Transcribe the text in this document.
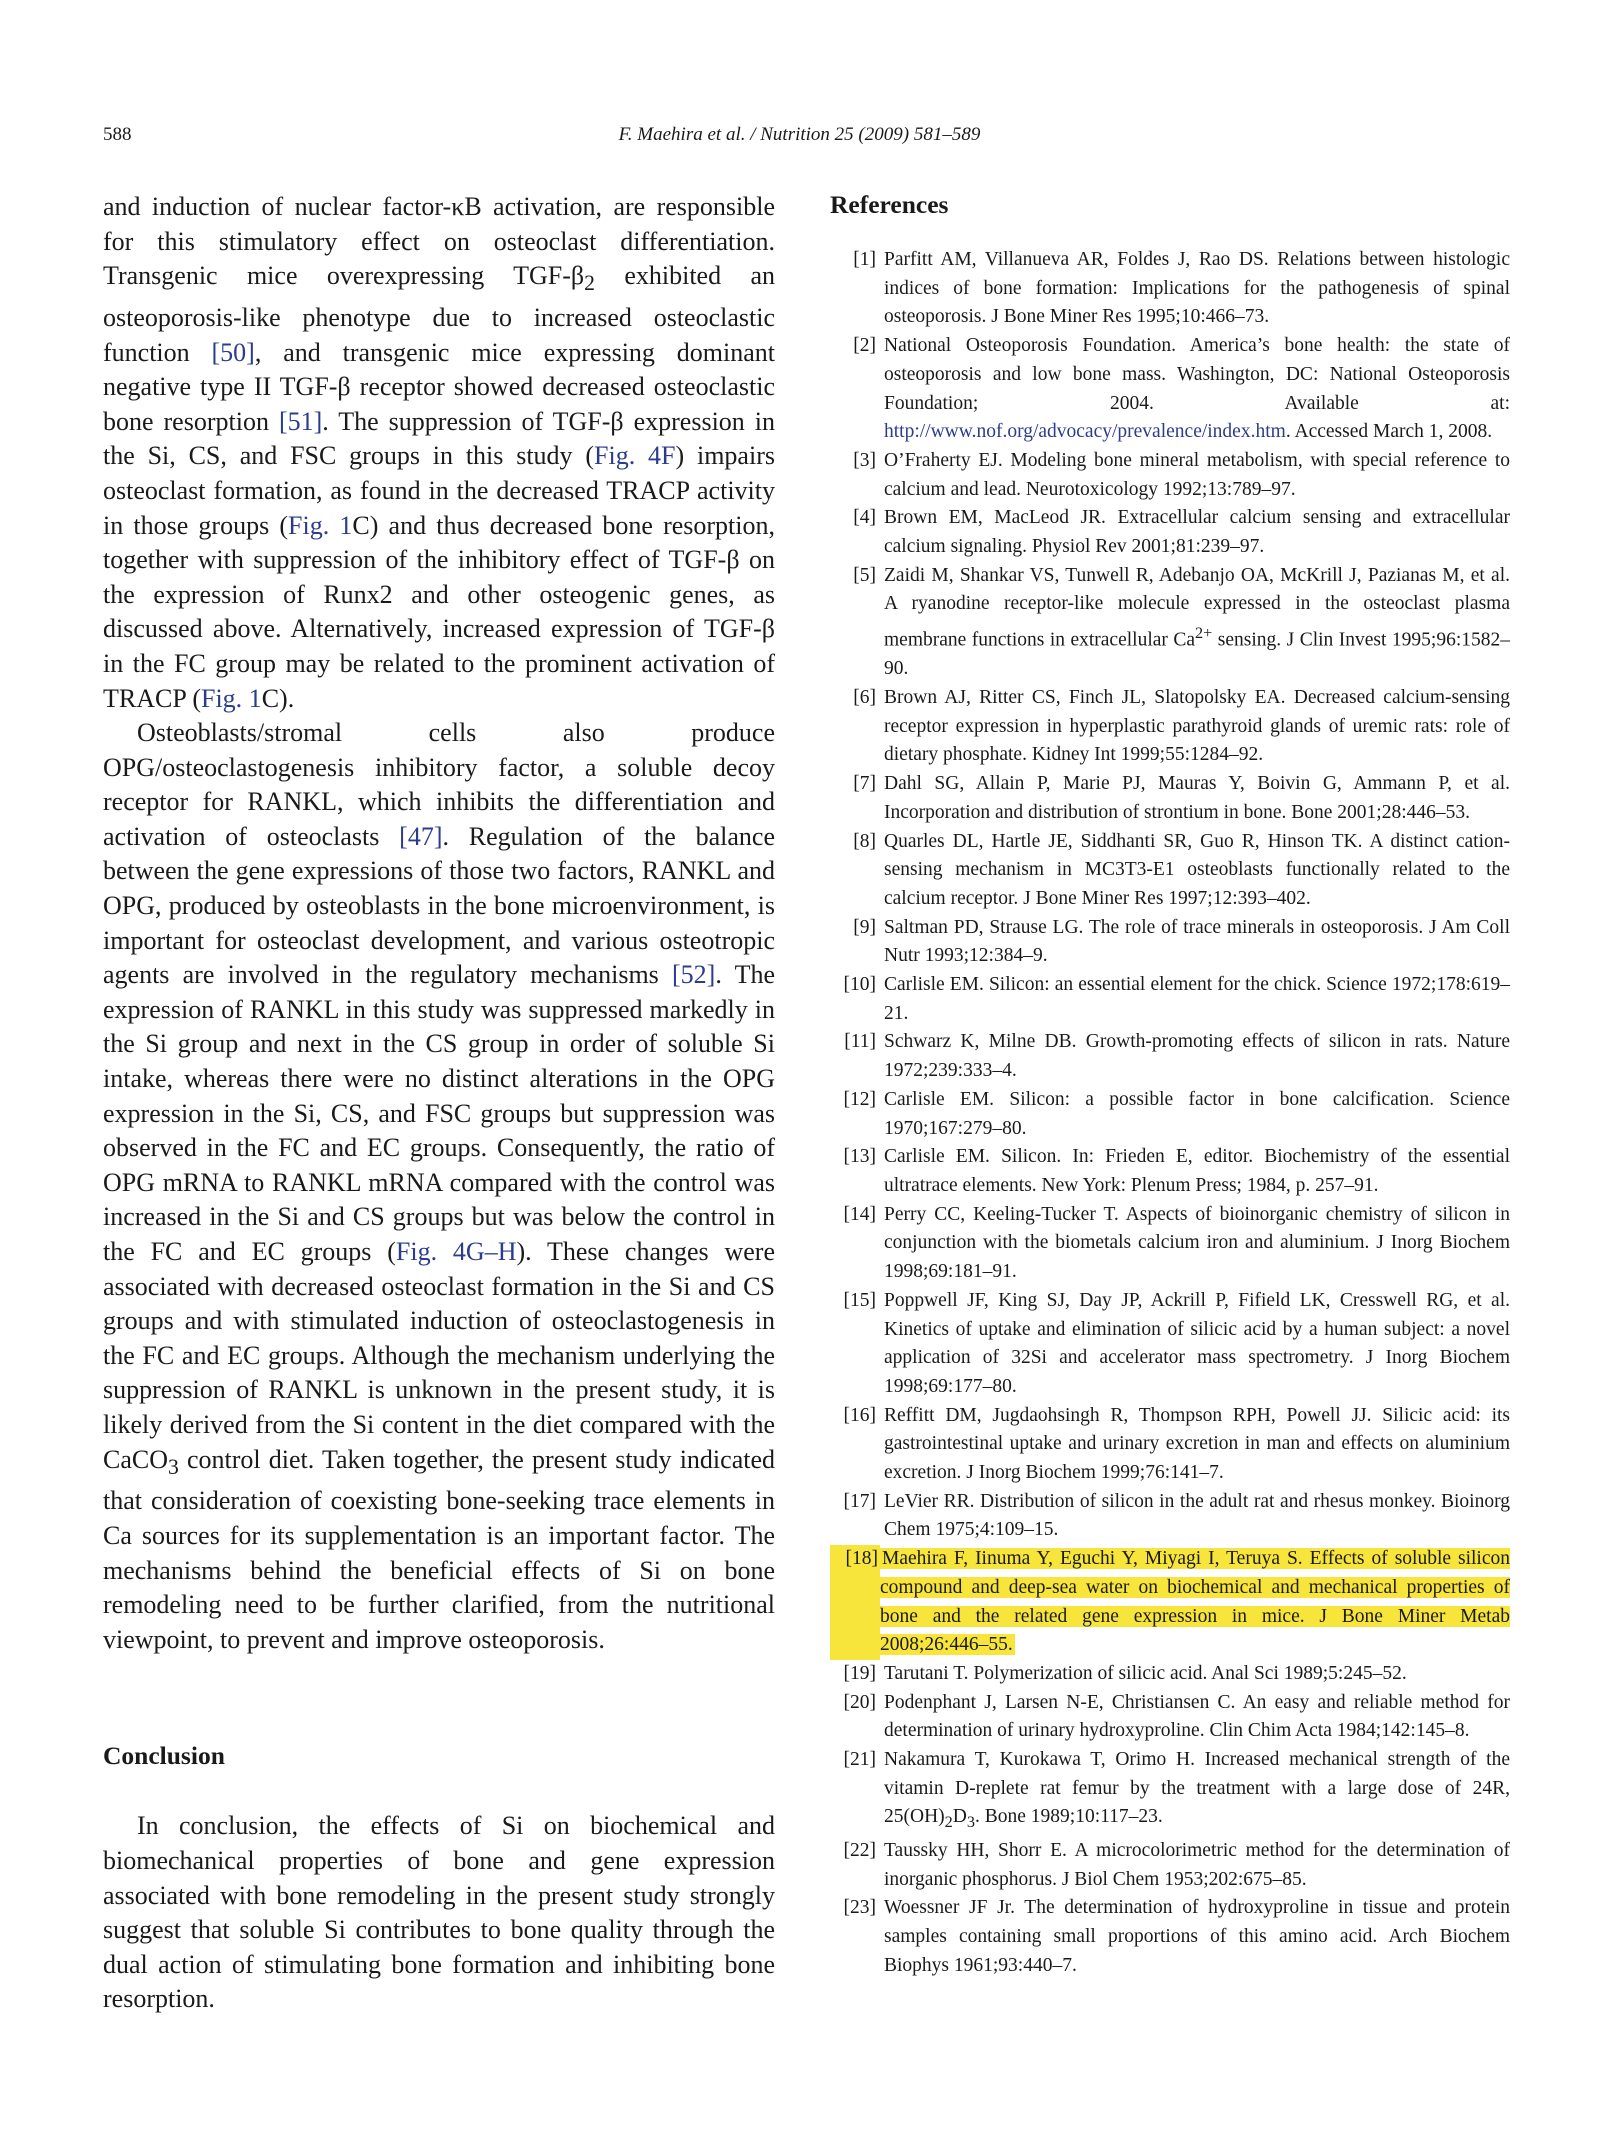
588	F. Maehira et al. / Nutrition 25 (2009) 581–589

and induction of nuclear factor-κB activation, are responsible for this stimulatory effect on osteoclast differentiation. Transgenic mice overexpressing TGF-$\beta_2$ exhibited an osteoporosis-like phenotype due to increased osteoclastic function [50], and transgenic mice expressing dominant negative type II TGF-β receptor showed decreased osteoclastic bone resorption [51]. The suppression of TGF-β expression in the Si, CS, and FSC groups in this study (Fig. 4F) impairs osteoclast formation, as found in the decreased TRACP activity in those groups (Fig. 1C) and thus decreased bone resorption, together with suppression of the inhibitory effect of TGF-β on the expression of Runx2 and other osteogenic genes, as discussed above. Alternatively, increased expression of TGF-β in the FC group may be related to the prominent activation of TRACP (Fig. 1C).

Osteoblasts/stromal cells also produce OPG/osteoclastogenesis inhibitory factor, a soluble decoy receptor for RANKL, which inhibits the differentiation and activation of osteoclasts [47]. Regulation of the balance between the gene expressions of those two factors, RANKL and OPG, produced by osteoblasts in the bone microenvironment, is important for osteoclast development, and various osteotropic agents are involved in the regulatory mechanisms [52]. The expression of RANKL in this study was suppressed markedly in the Si group and next in the CS group in order of soluble Si intake, whereas there were no distinct alterations in the OPG expression in the Si, CS, and FSC groups but suppression was observed in the FC and EC groups. Consequently, the ratio of OPG mRNA to RANKL mRNA compared with the control was increased in the Si and CS groups but was below the control in the FC and EC groups (Fig. 4G–H). These changes were associated with decreased osteoclast formation in the Si and CS groups and with stimulated induction of osteoclastogenesis in the FC and EC groups. Although the mechanism underlying the suppression of RANKL is unknown in the present study, it is likely derived from the Si content in the diet compared with the CaCO$_3$ control diet. Taken together, the present study indicated that consideration of coexisting bone-seeking trace elements in Ca sources for its supplementation is an important factor. The mechanisms behind the beneficial effects of Si on bone remodeling need to be further clarified, from the nutritional viewpoint, to prevent and improve osteoporosis.

Conclusion

In conclusion, the effects of Si on biochemical and biomechanical properties of bone and gene expression associated with bone remodeling in the present study strongly suggest that soluble Si contributes to bone quality through the dual action of stimulating bone formation and inhibiting bone resorption.

References
[1] Parfitt AM, Villanueva AR, Foldes J, Rao DS. Relations between histologic indices of bone formation: Implications for the pathogenesis of spinal osteoporosis. J Bone Miner Res 1995;10:466–73.
[2] National Osteoporosis Foundation. America’s bone health: the state of osteoporosis and low bone mass. Washington, DC: National Osteoporosis Foundation; 2004. Available at: http://www.nof.org/advocacy/prevalence/index.htm. Accessed March 1, 2008.
[3] O’Fraherty EJ. Modeling bone mineral metabolism, with special reference to calcium and lead. Neurotoxicology 1992;13:789–97.
[4] Brown EM, MacLeod JR. Extracellular calcium sensing and extracellular calcium signaling. Physiol Rev 2001;81:239–97.
[5] Zaidi M, Shankar VS, Tunwell R, Adebanjo OA, McKrill J, Pazianas M, et al. A ryanodine receptor-like molecule expressed in the osteoclast plasma membrane functions in extracellular $Ca^{2+}$ sensing. J Clin Invest 1995;96:1582–90.
[6] Brown AJ, Ritter CS, Finch JL, Slatopolsky EA. Decreased calcium-sensing receptor expression in hyperplastic parathyroid glands of uremic rats: role of dietary phosphate. Kidney Int 1999;55:1284–92.
[7] Dahl SG, Allain P, Marie PJ, Mauras Y, Boivin G, Ammann P, et al. Incorporation and distribution of strontium in bone. Bone 2001;28:446–53.
[8] Quarles DL, Hartle JE, Siddhanti SR, Guo R, Hinson TK. A distinct cation-sensing mechanism in MC3T3-E1 osteoblasts functionally related to the calcium receptor. J Bone Miner Res 1997;12:393–402.
[9] Saltman PD, Strause LG. The role of trace minerals in osteoporosis. J Am Coll Nutr 1993;12:384–9.
[10] Carlisle EM. Silicon: an essential element for the chick. Science 1972;178:619–21.
[11] Schwarz K, Milne DB. Growth-promoting effects of silicon in rats. Nature 1972;239:333–4.
[12] Carlisle EM. Silicon: a possible factor in bone calcification. Science 1970;167:279–80.
[13] Carlisle EM. Silicon. In: Frieden E, editor. Biochemistry of the essential ultratrace elements. New York: Plenum Press; 1984, p. 257–91.
[14] Perry CC, Keeling-Tucker T. Aspects of bioinorganic chemistry of silicon in conjunction with the biometals calcium iron and aluminium. J Inorg Biochem 1998;69:181–91.
[15] Poppwell JF, King SJ, Day JP, Ackrill P, Fifield LK, Cresswell RG, et al. Kinetics of uptake and elimination of silicic acid by a human subject: a novel application of 32Si and accelerator mass spectrometry. J Inorg Biochem 1998;69:177–80.
[16] Reffitt DM, Jugdaohsingh R, Thompson RPH, Powell JJ. Silicic acid: its gastrointestinal uptake and urinary excretion in man and effects on aluminium excretion. J Inorg Biochem 1999;76:141–7.
[17] LeVier RR. Distribution of silicon in the adult rat and rhesus monkey. Bioinorg Chem 1975;4:109–15.
[18] Maehira F, Iinuma Y, Eguchi Y, Miyagi I, Teruya S. Effects of soluble silicon compound and deep-sea water on biochemical and mechanical properties of bone and the related gene expression in mice. J Bone Miner Metab 2008;26:446–55.
[19] Tarutani T. Polymerization of silicic acid. Anal Sci 1989;5:245–52.
[20] Podenphant J, Larsen N-E, Christiansen C. An easy and reliable method for determination of urinary hydroxyproline. Clin Chim Acta 1984;142:145–8.
[21] Nakamura T, Kurokawa T, Orimo H. Increased mechanical strength of the vitamin D-replete rat femur by the treatment with a large dose of 24R, $25(OH)_2D_3$. Bone 1989;10:117–23.
[22] Taussky HH, Shorr E. A microcolorimetric method for the determination of inorganic phosphorus. J Biol Chem 1953;202:675–85.
[23] Woessner JF Jr. The determination of hydroxyproline in tissue and protein samples containing small proportions of this amino acid. Arch Biochem Biophys 1961;93:440–7.
